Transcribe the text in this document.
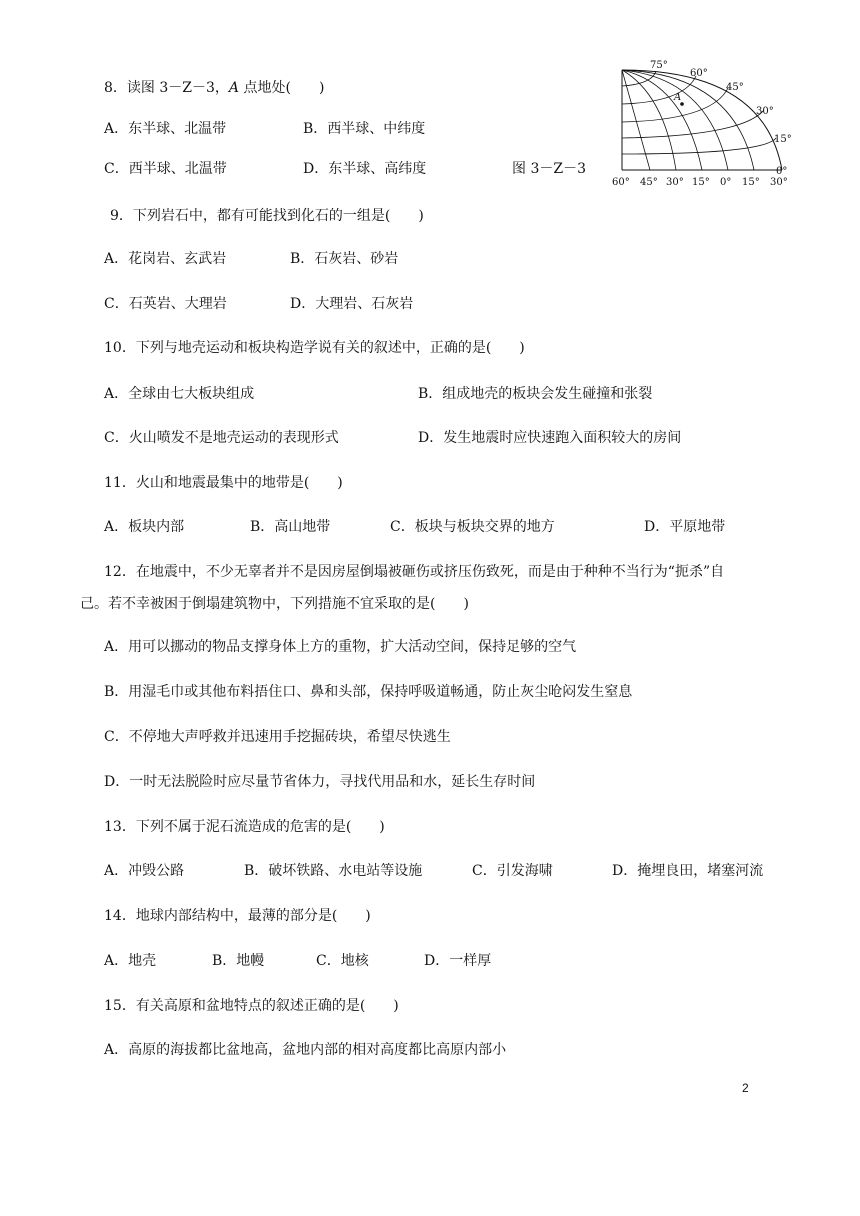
8．读图 3－Z－3，A 点地处(　　)
A．东半球、北温带	B．西半球、中纬度
C．西半球、北温带	D．东半球、高纬度	图 3－Z－3
A
75°
60°
45°
30°
15°
0°
60° 45° 30° 15° 0° 15° 30°
9．下列岩石中，都有可能找到化石的一组是(　　)
A．花岗岩、玄武岩	B．石灰岩、砂岩
C．石英岩、大理岩	D．大理岩、石灰岩
10．下列与地壳运动和板块构造学说有关的叙述中，正确的是(　　)
A．全球由七大板块组成	B．组成地壳的板块会发生碰撞和张裂
C．火山喷发不是地壳运动的表现形式	D．发生地震时应快速跑入面积较大的房间
11．火山和地震最集中的地带是(　　)
A．板块内部	B．高山地带	C．板块与板块交界的地方	D．平原地带
12．在地震中，不少无辜者并不是因房屋倒塌被砸伤或挤压伤致死，而是由于种种不当行为“扼杀”自
己。若不幸被困于倒塌建筑物中，下列措施不宜采取的是(　　)
A．用可以挪动的物品支撑身体上方的重物，扩大活动空间，保持足够的空气
B．用湿毛巾或其他布料捂住口、鼻和头部，保持呼吸道畅通，防止灰尘呛闷发生窒息
C．不停地大声呼救并迅速用手挖掘砖块，希望尽快逃生
D．一时无法脱险时应尽量节省体力，寻找代用品和水，延长生存时间
13．下列不属于泥石流造成的危害的是(　　)
A．冲毁公路	B．破坏铁路、水电站等设施	C．引发海啸	D．掩埋良田，堵塞河流
14．地球内部结构中，最薄的部分是(　　)
A．地壳	B．地幔	C．地核	D．一样厚
15．有关高原和盆地特点的叙述正确的是(　　)
A．高原的海拔都比盆地高，盆地内部的相对高度都比高原内部小
2
